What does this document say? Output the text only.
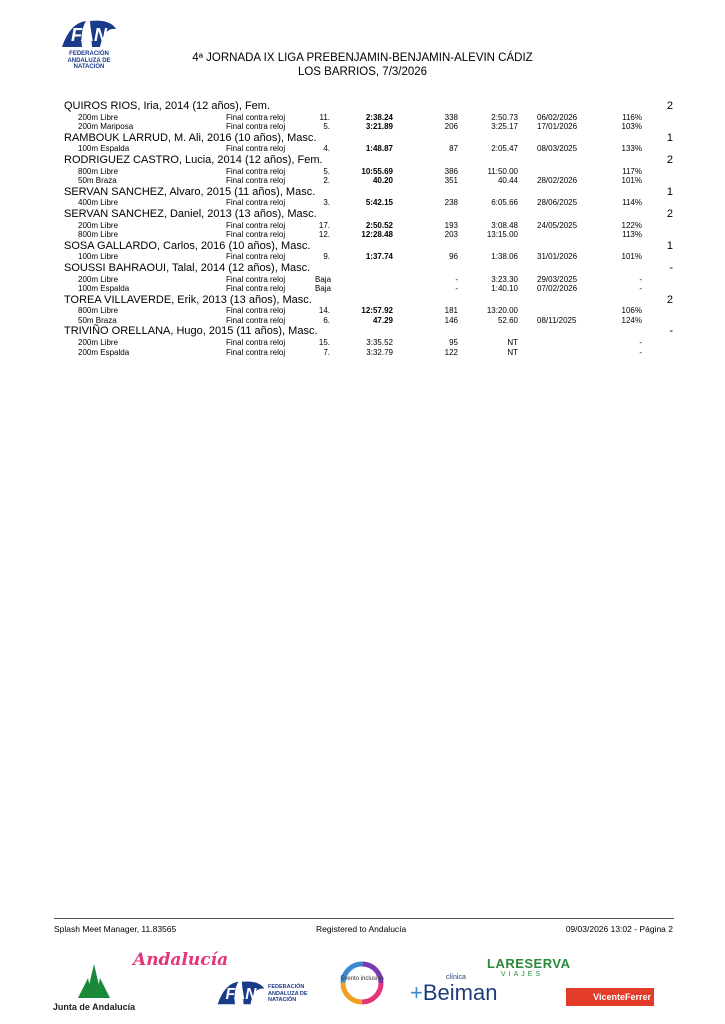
FAN
FEDERACIÓN ANDALUZA DE NATACIÓN
4ª JORNADA IX LIGA PREBENJAMIN-BENJAMIN-ALEVIN CÁDIZ
LOS BARRIOS, 7/3/2026
QUIROS RIOS, Iria, 2014 (12 años), Fem.	2
200m Libre	Final contra reloj	11.	2:38.24	338	2:50.73 06/02/2026	116%
200m Mariposa	Final contra reloj	5.	3:21.89	206	3:25.17 17/01/2026	103%
RAMBOUK LARRUD, M. Ali, 2016 (10 años), Masc.	1
100m Espalda	Final contra reloj	4.	1:48.87	87	2:05.47 08/03/2025	133%
RODRIGUEZ CASTRO, Lucia, 2014 (12 años), Fem.	2
800m Libre	Final contra reloj	5.	10:55.69	386	11:50.00	117%
50m Braza	Final contra reloj	2.	40.20	351	40.44 28/02/2026	101%
SERVAN SANCHEZ, Alvaro, 2015 (11 años), Masc.	1
400m Libre	Final contra reloj	3.	5:42.15	238	6:05.66 28/06/2025	114%
SERVAN SANCHEZ, Daniel, 2013 (13 años), Masc.	2
200m Libre	Final contra reloj	17.	2:50.52	193	3:08.48 24/05/2025	122%
800m Libre	Final contra reloj	12.	12:28.48	203	13:15.00	113%
SOSA GALLARDO, Carlos, 2016 (10 años), Masc.	1
100m Libre	Final contra reloj	9.	1:37.74	96	1:38.06 31/01/2026	101%
SOUSSI BAHRAOUI, Talal, 2014 (12 años), Masc.	-
200m Libre	Final contra reloj	Baja	-	3:23.30 29/03/2025	-
100m Espalda	Final contra reloj	Baja	-	1:40.10 07/02/2026	-
TOREA VILLAVERDE, Erik, 2013 (13 años), Masc.	2
800m Libre	Final contra reloj	14.	12:57.92	181	13:20.00	106%
50m Braza	Final contra reloj	6.	47.29	146	52.60 08/11/2025	124%
TRIVIÑO ORELLANA, Hugo, 2015 (11 años), Masc.	-
200m Libre	Final contra reloj	15.	3:35.52	95	NT	-
200m Espalda	Final contra reloj	7.	3:32.79	122	NT	-
Splash Meet Manager, 11.83565	Registered to Andalucía	09/03/2026 13:02 - Página 2
Junta de Andalucía
Andalucía
FAN FEDERACIÓN ANDALUZA DE NATACIÓN
Evento inclusivo	clínica
+Beiman
LARESERVA
VIAJES
VicenteFerrer
